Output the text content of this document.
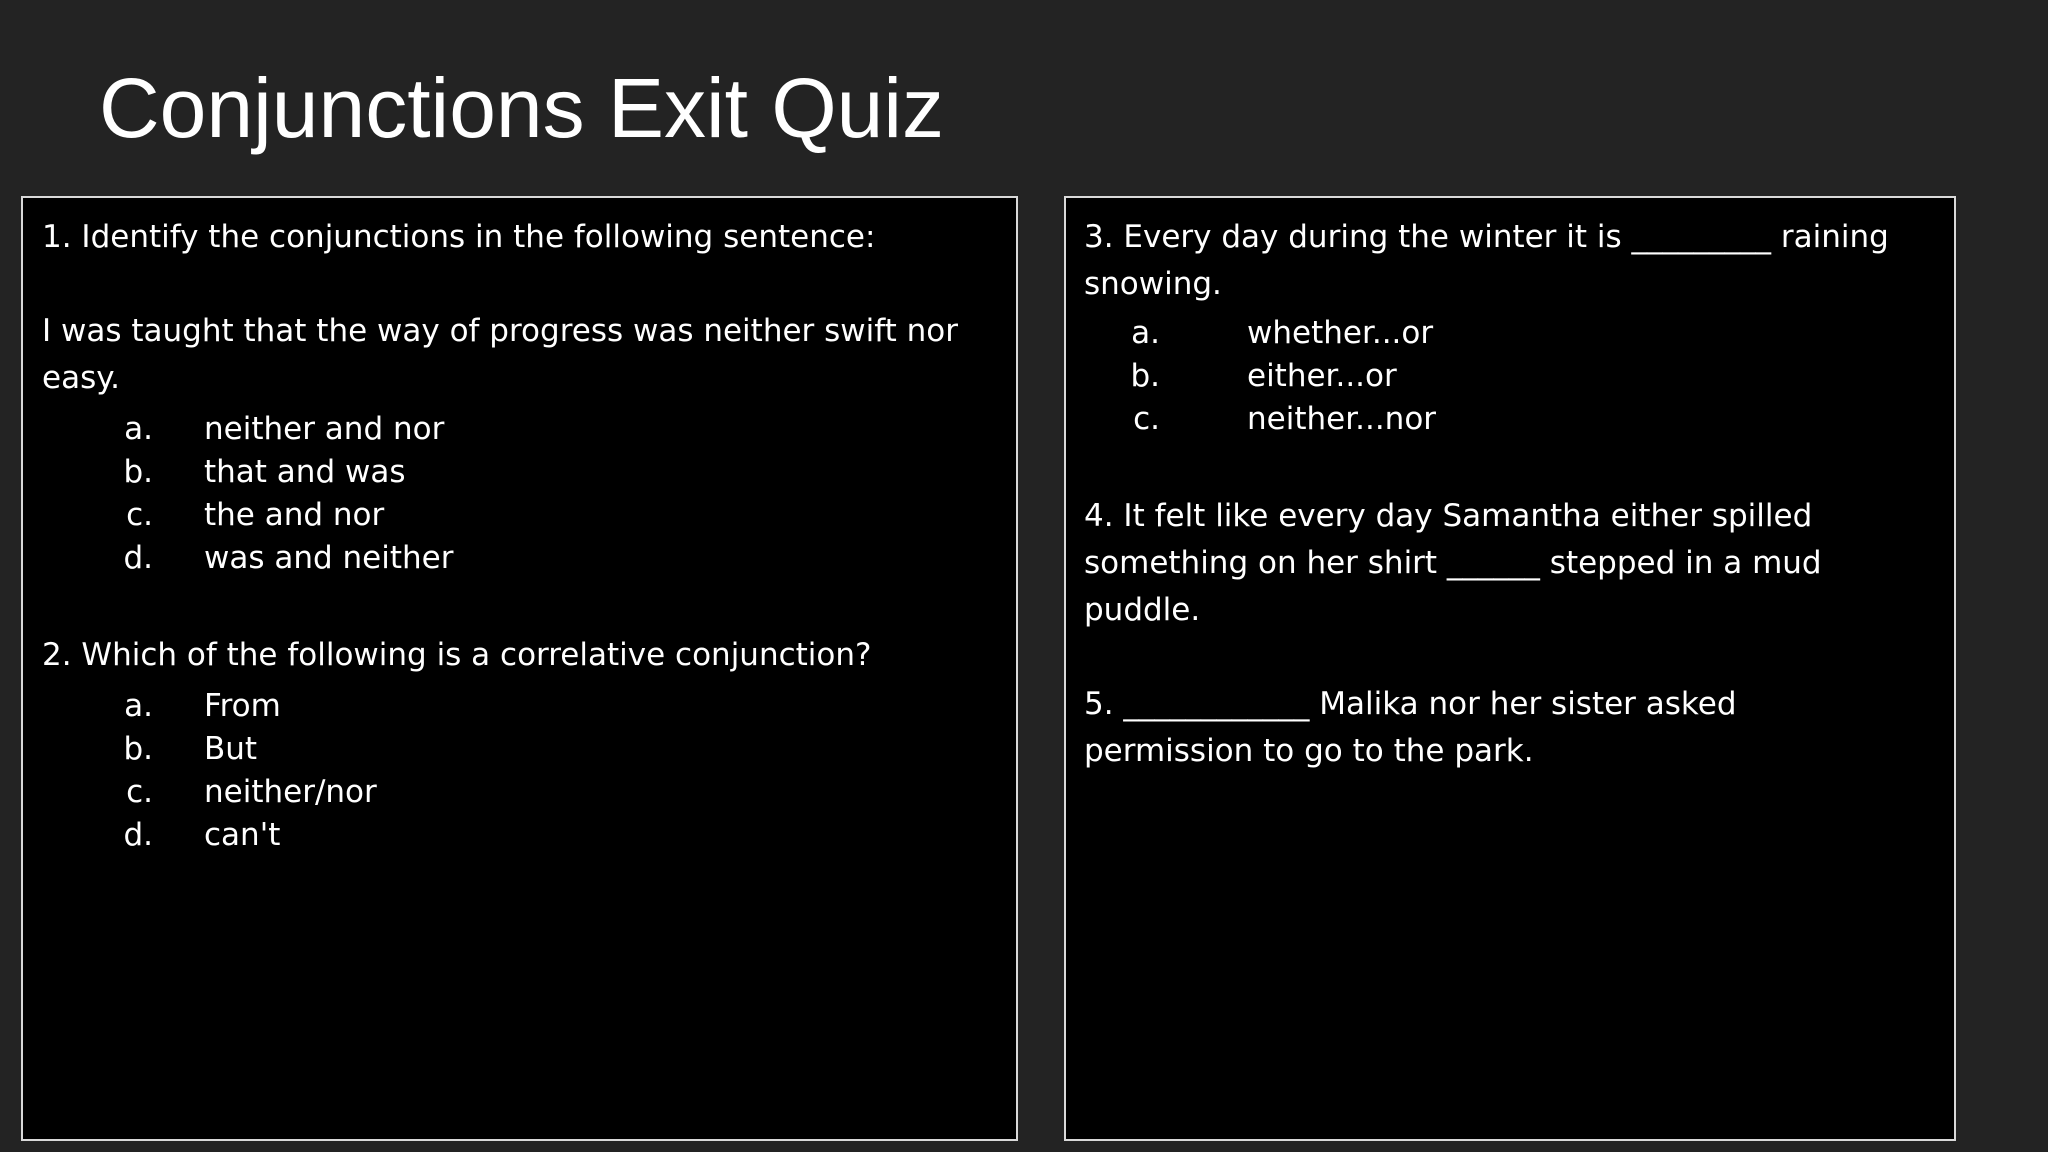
Conjunctions Exit Quiz
1. Identify the conjunctions in the following sentence:
I was taught that the way of progress was neither swift nor
easy.
a. neither and nor
b. that and was
c. the and nor
d. was and neither
2. Which of the following is a correlative conjunction?
a. From
b. But
c. neither/nor
d. can't
3. Every day during the winter it is _________ raining
snowing.
a.	whether...or
b.	either...or
c.	neither...nor
4. It felt like every day Samantha either spilled
something on her shirt ______ stepped in a mud
puddle.
5. ____________ Malika nor her sister asked
permission to go to the park.
